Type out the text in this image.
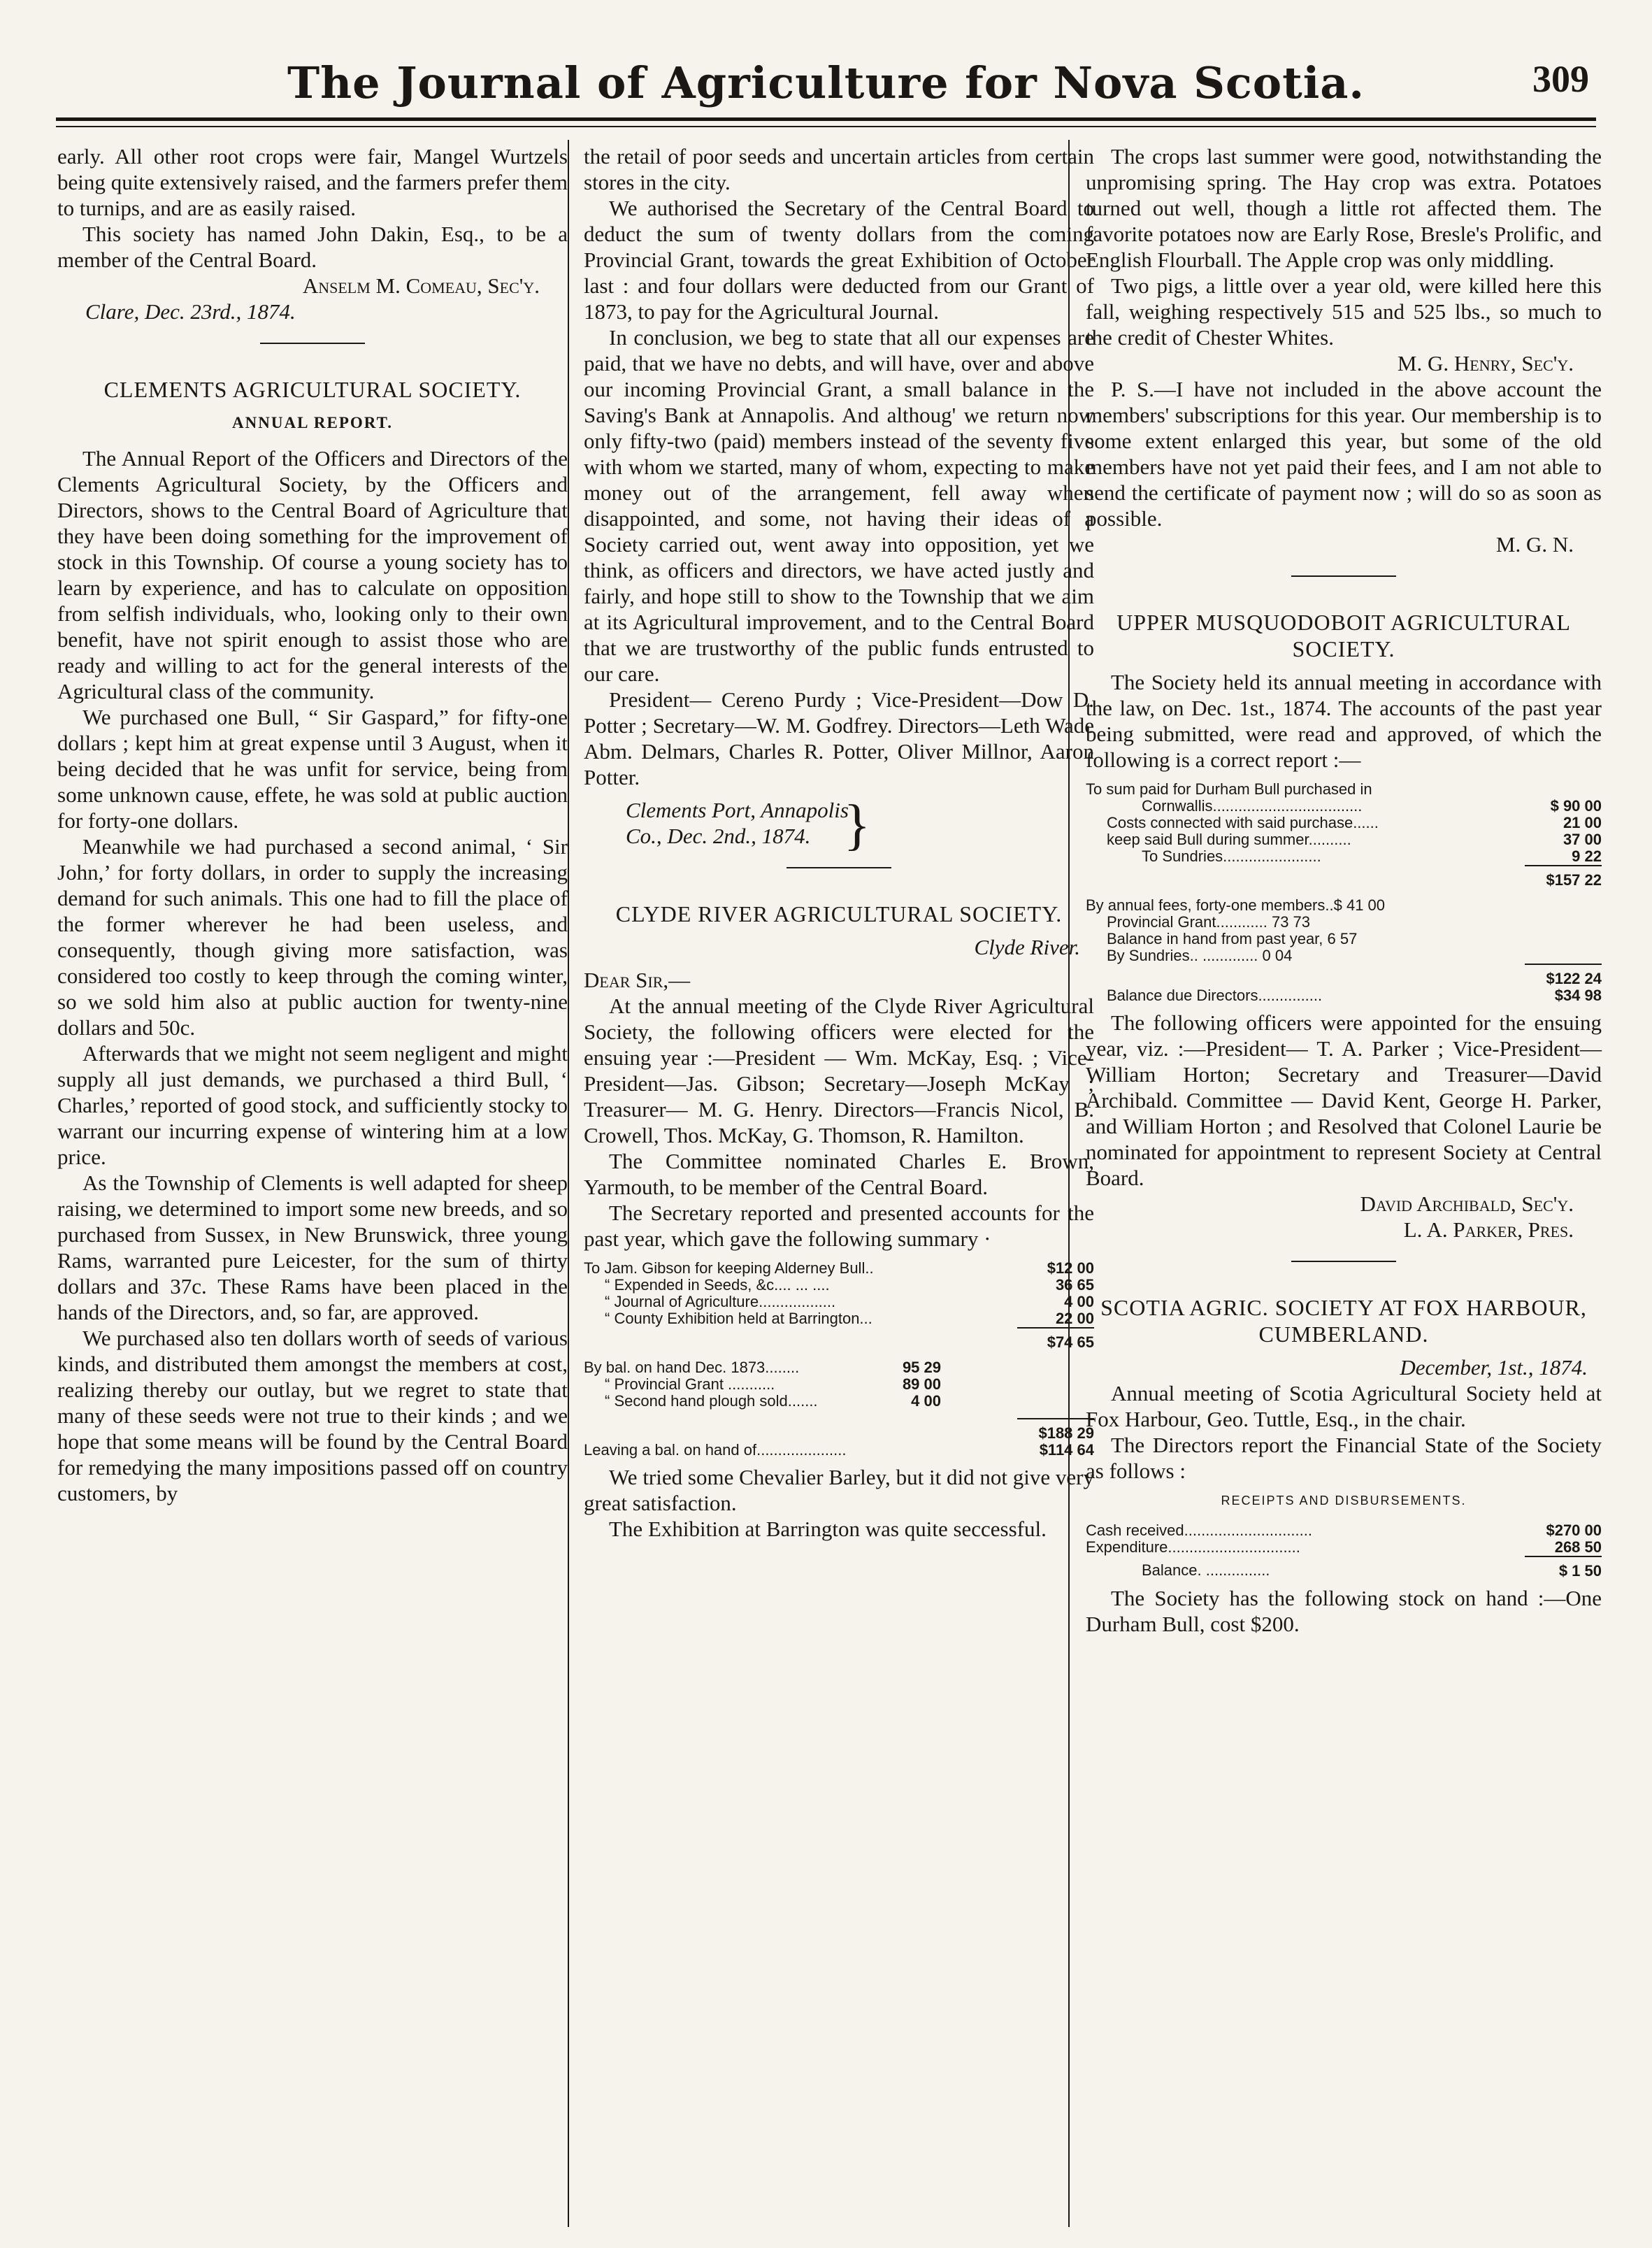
The Journal of Agriculture for Nova Scotia.	309

early. All other root crops were fair, Mangel Wurtzels being quite extensively raised, and the farmers prefer them to turnips, and are as easily raised.

This society has named John Dakin, Esq., to be a member of the Central Board.

Anselm M. Comeau, Sec'y.

Clare, Dec. 23rd., 1874.

CLEMENTS AGRICULTURAL SOCIETY.
ANNUAL REPORT.

The Annual Report of the Officers and Directors of the Clements Agricultural Society, by the Officers and Directors, shows to the Central Board of Agriculture that they have been doing something for the improvement of stock in this Township. Of course a young society has to learn by experience, and has to calculate on opposition from selfish individuals, who, looking only to their own benefit, have not spirit enough to assist those who are ready and willing to act for the general interests of the Agricultural class of the community.

We purchased one Bull, “ Sir Gaspard,” for fifty-one dollars ; kept him at great expense until 3 August, when it being decided that he was unfit for service, being from some unknown cause, effete, he was sold at public auction for forty-one dollars.

Meanwhile we had purchased a second animal, ‘ Sir John,’ for forty dollars, in order to supply the increasing demand for such animals. This one had to fill the place of the former wherever he had been useless, and consequently, though giving more satisfaction, was considered too costly to keep through the coming winter, so we sold him also at public auction for twenty-nine dollars and 50c.

Afterwards that we might not seem negligent and might supply all just demands, we purchased a third Bull, ‘ Charles,’ reported of good stock, and sufficiently stocky to warrant our incurring expense of wintering him at a low price.

As the Township of Clements is well adapted for sheep raising, we determined to import some new breeds, and so purchased from Sussex, in New Brunswick, three young Rams, warranted pure Leicester, for the sum of thirty dollars and 37c. These Rams have been placed in the hands of the Directors, and, so far, are approved.

We purchased also ten dollars worth of seeds of various kinds, and distributed them amongst the members at cost, realizing thereby our outlay, but we regret to state that many of these seeds were not true to their kinds ; and we hope that some means will be found by the Central Board for remedying the many impositions passed off on country customers, by

the retail of poor seeds and uncertain articles from certain stores in the city.

We authorised the Secretary of the Central Board to deduct the sum of twenty dollars from the coming Provincial Grant, towards the great Exhibition of October last : and four dollars were deducted from our Grant of 1873, to pay for the Agricultural Journal.

In conclusion, we beg to state that all our expenses are paid, that we have no debts, and will have, over and above our incoming Provincial Grant, a small balance in the Saving's Bank at Annapolis. And althoug' we return now only fifty-two (paid) members instead of the seventy five with whom we started, many of whom, expecting to make money out of the arrangement, fell away when disappointed, and some, not having their ideas of a Society carried out, went away into opposition, yet we think, as officers and directors, we have acted justly and fairly, and hope still to show to the Township that we aim at its Agricultural improvement, and to the Central Board that we are trustworthy of the public funds entrusted to our care.

President— Cereno Purdy ; Vice-President—Dow D. Potter ; Secretary—W. M. Godfrey. Directors—Leth Wade Abm. Delmars, Charles R. Potter, Oliver Millnor, Aaron Potter.

Clements Port, Annapolis
Co., Dec. 2nd., 1874. }
CLYDE RIVER AGRICULTURAL SOCIETY.

Clyde River.

Dear Sir,—

At the annual meeting of the Clyde River Agricultural Society, the following officers were elected for the ensuing year :—President — Wm. McKay, Esq. ; Vice-President—Jas. Gibson; Secretary—Joseph McKay ; Treasurer— M. G. Henry. Directors—Francis Nicol, B. Crowell, Thos. McKay, G. Thomson, R. Hamilton.

The Committee nominated Charles E. Brown, Yarmouth, to be member of the Central Board.

The Secretary reported and presented accounts for the past year, which gave the following summary ·

To Jam. Gibson for keeping Alderney Bull..	$12 00
“ Expended in Seeds, &c.... ... ....	36 65
“ Journal of Agriculture..................	4 00
“ County Exhibition held at Barrington...	22 00
	$74 65
By bal. on hand Dec. 1873........	95 29
“ Provincial Grant ...........	89 00
“ Second hand plough sold.......	4 00
	$188 29
Leaving a bal. on hand of.....................	$114 64

We tried some Chevalier Barley, but it did not give very great satisfaction.

The Exhibition at Barrington was quite seccessful.

The crops last summer were good, notwithstanding the unpromising spring. The Hay crop was extra. Potatoes turned out well, though a little rot affected them. The favorite potatoes now are Early Rose, Bresle's Prolific, and English Flourball. The Apple crop was only middling.

Two pigs, a little over a year old, were killed here this fall, weighing respectively 515 and 525 lbs., so much to the credit of Chester Whites.

M. G. Henry, Sec'y.

P. S.—I have not included in the above account the members' subscriptions for this year. Our membership is to some extent enlarged this year, but some of the old members have not yet paid their fees, and I am not able to send the certificate of payment now ; will do so as soon as possible.

M. G. N.

UPPER MUSQUODOBOIT AGRICULTURAL SOCIETY.

The Society held its annual meeting in accordance with the law, on Dec. 1st., 1874. The accounts of the past year being submitted, were read and approved, of which the following is a correct report :—

To sum paid for Durham Bull purchased in	
Cornwallis...................................	$ 90 00
Costs connected with said purchase......	21 00
keep said Bull during summer..........	37 00
To Sundries.......................	9 22
	$157 22
By annual fees, forty-one members..$ 41 00	
Provincial Grant............ 73 73	
Balance in hand from past year, 6 57	
By Sundries.. ............. 0 04	
	$122 24
Balance due Directors...............	$34 98

The following officers were appointed for the ensuing year, viz. :—President— T. A. Parker ; Vice-President—William Horton; Secretary and Treasurer—David Archibald. Committee — David Kent, George H. Parker, and William Horton ; and Resolved that Colonel Laurie be nominated for appointment to represent Society at Central Board.

David Archibald, Sec'y.

L. A. Parker, Pres.

SCOTIA AGRIC. SOCIETY AT FOX HARBOUR, CUMBERLAND.

December, 1st., 1874.

Annual meeting of Scotia Agricultural Society held at Fox Harbour, Geo. Tuttle, Esq., in the chair.

The Directors report the Financial State of the Society as follows :

RECEIPTS AND DISBURSEMENTS.
Cash received..............................	$270 00
Expenditure...............................	268 50
Balance. ...............	$ 1 50

The Society has the following stock on hand :—One Durham Bull, cost $200.
